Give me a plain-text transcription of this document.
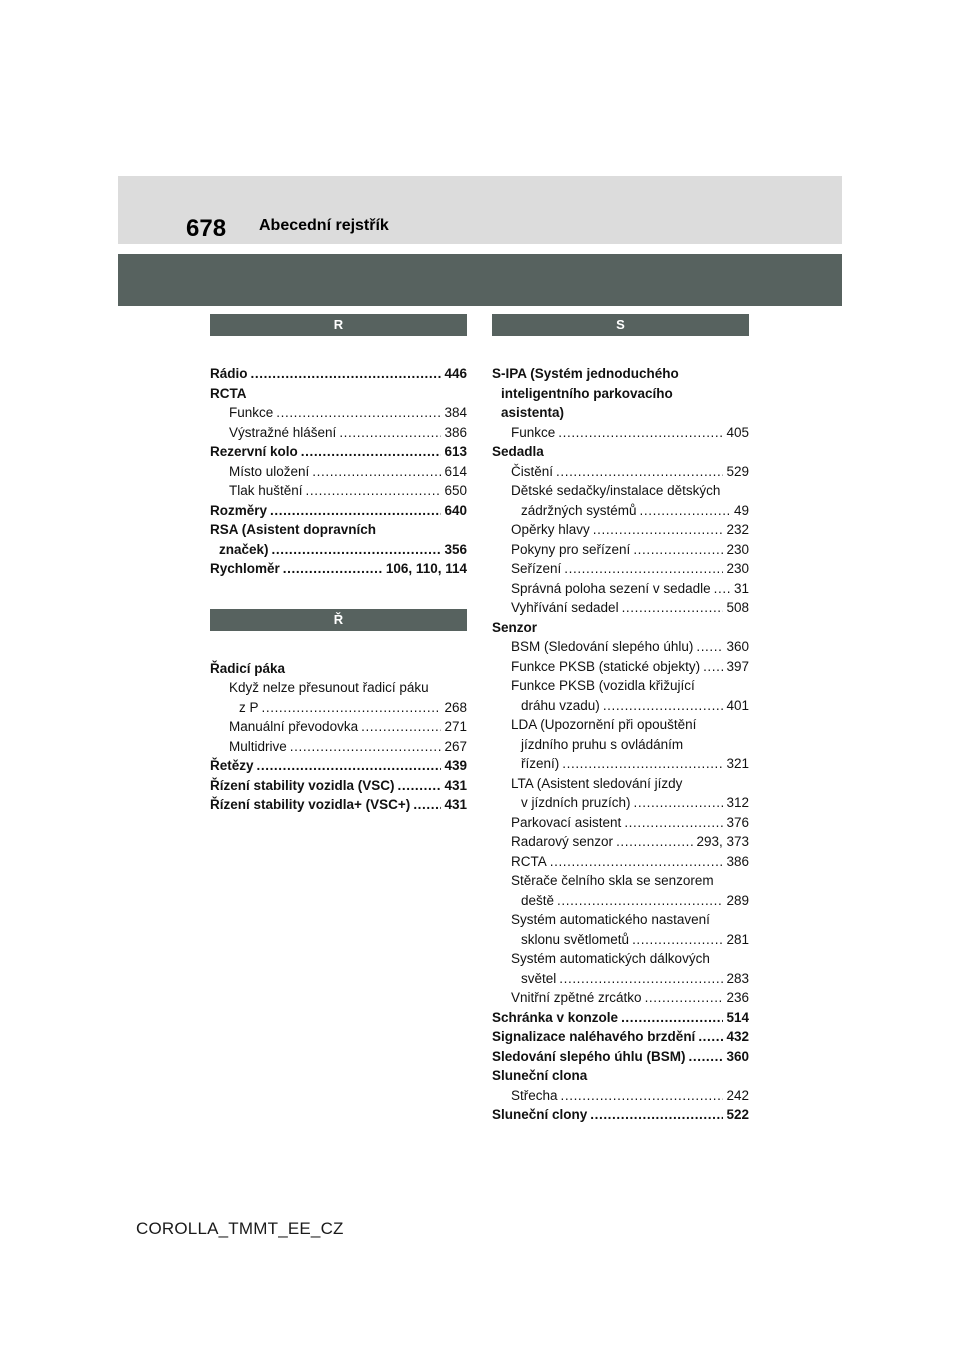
678 Abecední rejstřík
R
Rádio .....	446
RCTA
Funkce .....	384
Výstražné hlášení .....	386
Rezervní kolo .....	613
Místo uložení .....	614
Tlak huštění .....	650
Rozměry .....	640
RSA (Asistent dopravních
značek) .....	356
Rychloměr .....	106, 110, 114
Ř
Řadicí páka
Když nelze přesunout řadicí páku
z P .....	268
Manuální převodovka .....	271
Multidrive .....	267
Řetězy .....	439
Řízení stability vozidla (VSC) .....	431
Řízení stability vozidla+ (VSC+) .....	431
S
S-IPA (Systém jednoduchého
inteligentního parkovacího
asistenta)
Funkce .....	405
Sedadla
Čistění .....	529
Dětské sedačky/instalace dětských
zádržných systémů .....	49
Opěrky hlavy .....	232
Pokyny pro seřízení .....	230
Seřízení .....	230
Správná poloha sezení v sedadle ..... 31
Vyhřívání sedadel .....	508
Senzor
BSM (Sledování slepého úhlu) ..... 360
Funkce PKSB (statické objekty) ..... 397
Funkce PKSB (vozidla křižující
dráhu vzadu) .....	401
LDA (Upozornění při opouštění
jízdního pruhu s ovládáním
řízení) .....	321
LTA (Asistent sledování jízdy
v jízdních pruzích) .....	312
Parkovací asistent .....	376
Radarový senzor .....	293, 373
RCTA .....	386
Stěrače čelního skla se senzorem
deště .....	289
Systém automatického nastavení
sklonu světlometů .....	281
Systém automatických dálkových
světel .....	283
Vnitřní zpětné zrcátko .....	236
Schránka v konzole .....	514
Signalizace naléhavého brzdění ..... 432
Sledování slepého úhlu (BSM) .....	360
Sluneční clona
Střecha .....	242
Sluneční clony .....	522
COROLLA_TMMT_EE_CZ
